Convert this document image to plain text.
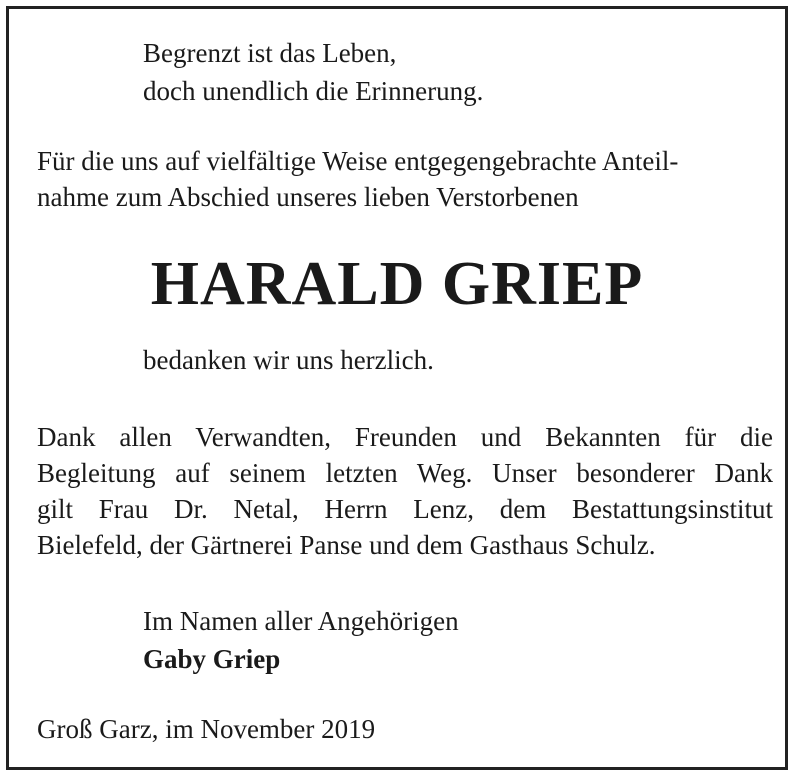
Begrenzt ist das Leben,
doch unendlich die Erinnerung.
Für die uns auf vielfältige Weise entgegengebrachte Anteil-
nahme zum Abschied unseres lieben Verstorbenen
HARALD GRIEP
bedanken wir uns herzlich.
Dank allen Verwandten, Freunden und Bekannten für die
Begleitung auf seinem letzten Weg. Unser besonderer Dank
gilt Frau Dr. Netal, Herrn Lenz, dem Bestattungsinstitut
Bielefeld, der Gärtnerei Panse und dem Gasthaus Schulz.
Im Namen aller Angehörigen
Gaby Griep
Groß Garz, im November 2019
